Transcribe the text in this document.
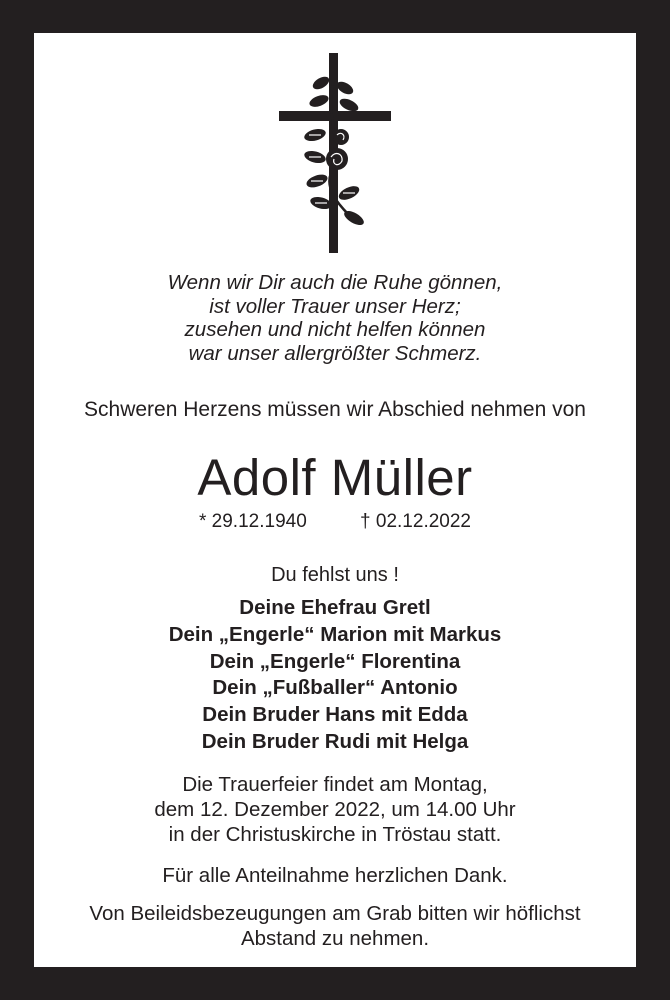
Wenn wir Dir auch die Ruhe gönnen,
ist voller Trauer unser Herz;
zusehen und nicht helfen können
war unser allergrößter Schmerz.
Schweren Herzens müssen wir Abschied nehmen von
Adolf Müller
* 29.12.1940	† 02.12.2022
Du fehlst uns !
Deine Ehefrau Gretl
Dein „Engerle“ Marion mit Markus
Dein „Engerle“ Florentina
Dein „Fußballer“ Antonio
Dein Bruder Hans mit Edda
Dein Bruder Rudi mit Helga
Die Trauerfeier findet am Montag,
dem 12. Dezember 2022, um 14.00 Uhr
in der Christuskirche in Tröstau statt.
Für alle Anteilnahme herzlichen Dank.
Von Beileidsbezeugungen am Grab bitten wir höflichst
Abstand zu nehmen.
